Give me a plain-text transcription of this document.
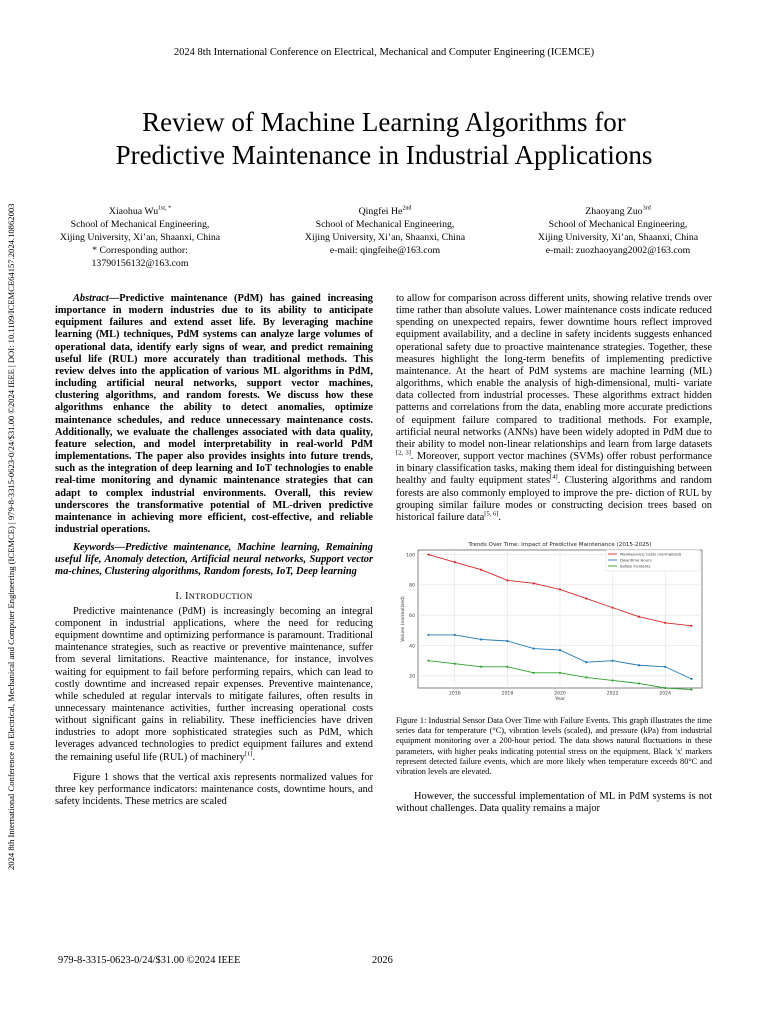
2024 8th International Conference on Electrical, Mechanical and Computer Engineering (ICEMCE)
2024 8th International Conference on Electrical, Mechanical and Computer Engineering (ICEMCE) | 979-8-3315-0623-0/24/$31.00 ©2024 IEEE | DOI: 10.1109/ICEMCE64157.2024.10862003
Review of Machine Learning Algorithms for
Predictive Maintenance in Industrial Applications
Xiaohua $Wu^{1st, *}$
School of Mechanical Engineering,
Xijing University, Xi’an, Shaanxi, China
* Corresponding author:
13790156132@163.com
Qingfei $He^{2nd}$
School of Mechanical Engineering,
Xijing University, Xi’an, Shaanxi, China
e-mail: qingfeihe@163.com
Zhaoyang Zuo$^{3rd}$
School of Mechanical Engineering,
Xijing University, Xi’an, Shaanxi, China
e-mail: zuozhaoyang2002@163.com

Abstract—Predictive maintenance (PdM) has gained increasing importance in modern industries due to its ability to anticipate equipment failures and extend asset life. By leveraging machine learning (ML) techniques, PdM systems can analyze large volumes of operational data, identify early signs of wear, and predict remaining useful life (RUL) more accurately than traditional methods. This review delves into the application of various ML algorithms in PdM, including artificial neural networks, support vector machines, clustering algorithms, and random forests. We discuss how these algorithms enhance the ability to detect anomalies, optimize maintenance schedules, and reduce unnecessary maintenance costs. Additionally, we evaluate the challenges associated with data quality, feature selection, and model interpretability in real-world PdM implementations. The paper also provides insights into future trends, such as the integration of deep learning and IoT technologies to enable real-time monitoring and dynamic maintenance strategies that can adapt to complex industrial environments. Overall, this review underscores the transformative potential of ML-driven predictive maintenance in achieving more efficient, cost-effective, and reliable industrial operations.

Keywords—Predictive maintenance, Machine learning, Remaining useful life, Anomaly detection, Artificial neural networks, Support vector ma-chines, Clustering algorithms, Random forests, IoT, Deep learning

I. INTRODUCTION

Predictive maintenance (PdM) is increasingly becoming an integral component in industrial applications, where the need for reducing equipment downtime and optimizing performance is paramount. Traditional maintenance strategies, such as reactive or preventive maintenance, suffer from several limitations. Reactive maintenance, for instance, involves waiting for equipment to fail before performing repairs, which can lead to costly downtime and increased repair expenses. Preventive maintenance, while scheduled at regular intervals to mitigate failures, often results in unnecessary maintenance activities, further increasing operational costs without significant gains in reliability. These inefficiencies have driven industries to adopt more sophisticated strategies such as PdM, which leverages advanced technologies to predict equipment failures and extend the remaining useful life (RUL) of machinery[1].

Figure 1 shows that the vertical axis represents normalized values for three key performance indicators: maintenance costs, downtime hours, and safety incidents. These metrics are scaled

to allow for comparison across different units, showing relative trends over time rather than absolute values. Lower maintenance costs indicate reduced spending on unexpected repairs, fewer downtime hours reflect improved equipment availability, and a decline in safety incidents suggests enhanced operational safety due to proactive maintenance strategies. Together, these measures highlight the long-term benefits of implementing predictive maintenance. At the heart of PdM systems are machine learning (ML) algorithms, which enable the analysis of high-dimensional, multi- variate data collected from industrial processes. These algorithms extract hidden patterns and correlations from the data, enabling more accurate predictions of equipment failure compared to traditional methods. For example, artificial neural networks (ANNs) have been widely adopted in PdM due to their ability to model non-linear relationships and learn from large datasets [2, 3]. Moreover, support vector machines (SVMs) offer robust performance in binary classification tasks, making them ideal for distinguishing between healthy and faulty equipment states[4]. Clustering algorithms and random forests are also commonly employed to improve the pre- diction of RUL by grouping similar failure modes or constructing decision trees based on historical failure data[5, 6].

20
40
60
80
100
2016	2018	2020	2022	2024
Trends Over Time: Impact of Predictive Maintenance (2015-2025)
Year
Values (normalized)
Maintenance Costs (normalized)
Downtime Hours
Safety Incidents

Figure 1: Industrial Sensor Data Over Time with Failure Events. This graph illustrates the time series data for temperature (°C), vibration levels (scaled), and pressure (kPa) from industrial equipment monitoring over a 200-hour period. The data shows natural fluctuations in these parameters, with higher peaks indicating potential stress on the equipment. Black 'x' markers represent detected failure events, which are more likely when temperature exceeds 80°C and vibration levels are elevated.

However, the successful implementation of ML in PdM systems is not without challenges. Data quality remains a major

979-8-3315-0623-0/24/$31.00 ©2024 IEEE	2026
